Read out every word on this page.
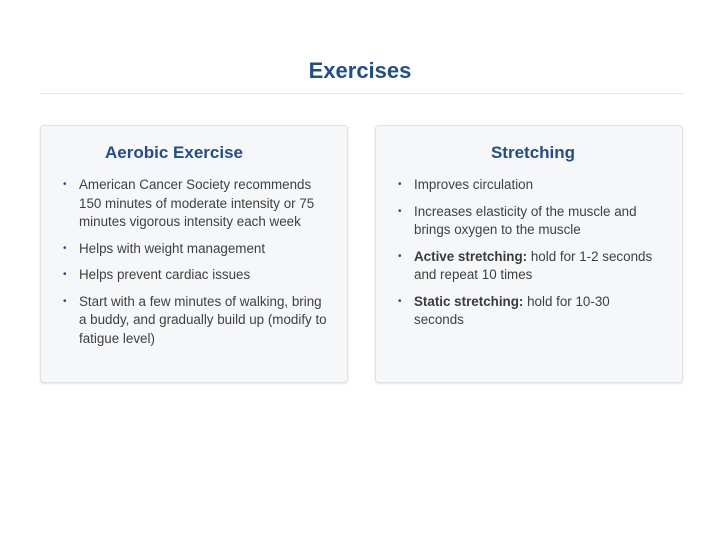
Exercises
Aerobic Exercise
• American Cancer Society recommends 150 minutes of moderate intensity or 75 minutes vigorous intensity each week
• Helps with weight management
• Helps prevent cardiac issues
• Start with a few minutes of walking, bring a buddy, and gradually build up (modify to fatigue level)
Stretching
• Improves circulation
• Increases elasticity of the muscle and brings oxygen to the muscle
• Active stretching: hold for 1-2 seconds and repeat 10 times
• Static stretching: hold for 10-30 seconds
